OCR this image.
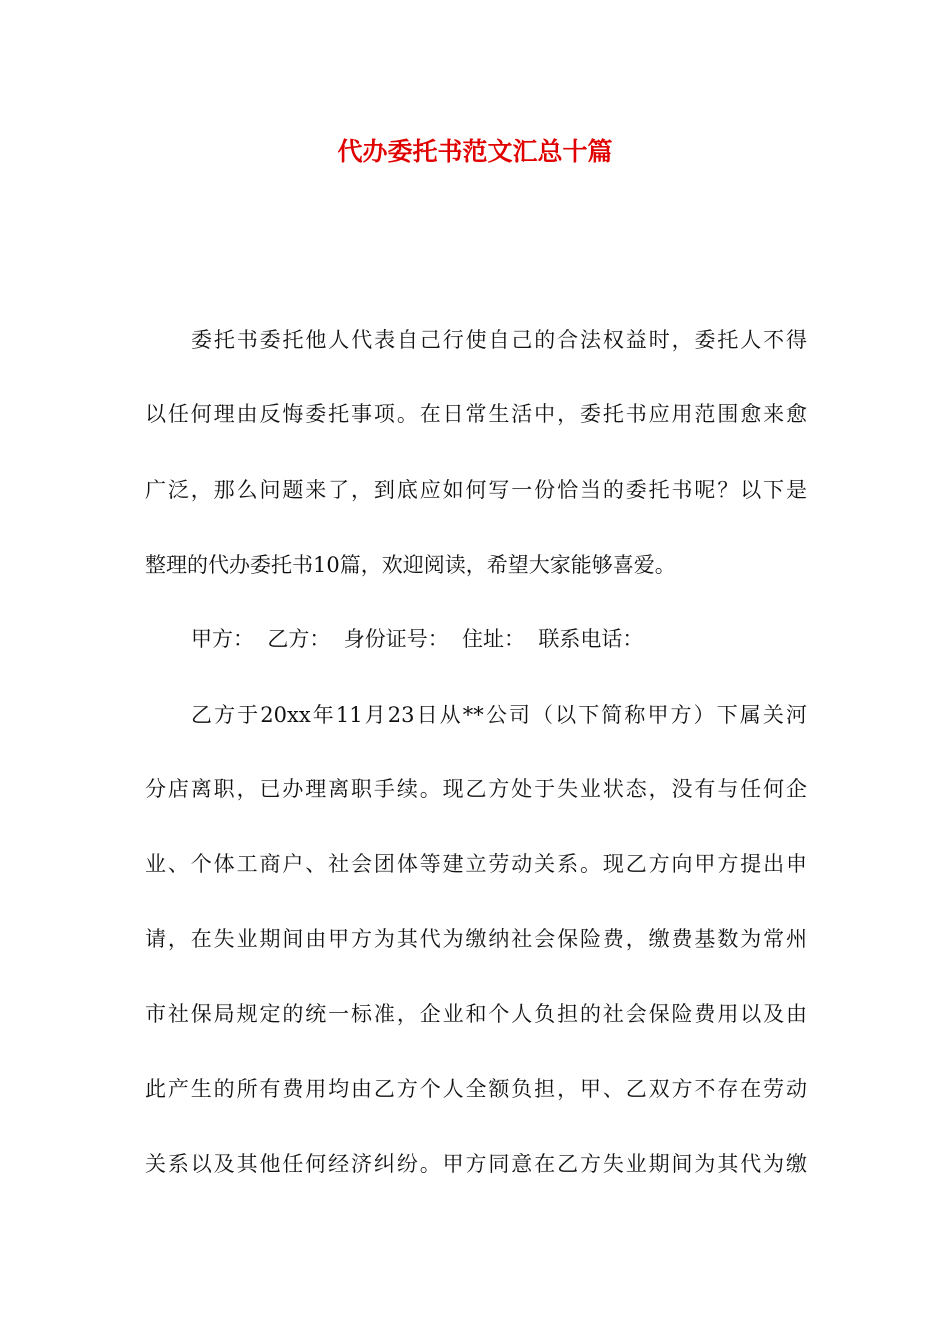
代办委托书范文汇总十篇
委托书委托他人代表自己行使自己的合法权益时，委托人不得
以任何理由反悔委托事项。在日常生活中，委托书应用范围愈来愈
广泛，那么问题来了，到底应如何写一份恰当的委托书呢？以下是
整理的代办委托书10篇，欢迎阅读，希望大家能够喜爱。
甲方：  乙方：  身份证号：  住址：  联系电话：
乙方于20xx年11月23日从**公司（以下简称甲方）下属关河
分店离职，已办理离职手续。现乙方处于失业状态，没有与任何企
业、个体工商户、社会团体等建立劳动关系。现乙方向甲方提出申
请，在失业期间由甲方为其代为缴纳社会保险费，缴费基数为常州
市社保局规定的统一标准，企业和个人负担的社会保险费用以及由
此产生的所有费用均由乙方个人全额负担，甲、乙双方不存在劳动
关系以及其他任何经济纠纷。甲方同意在乙方失业期间为其代为缴
